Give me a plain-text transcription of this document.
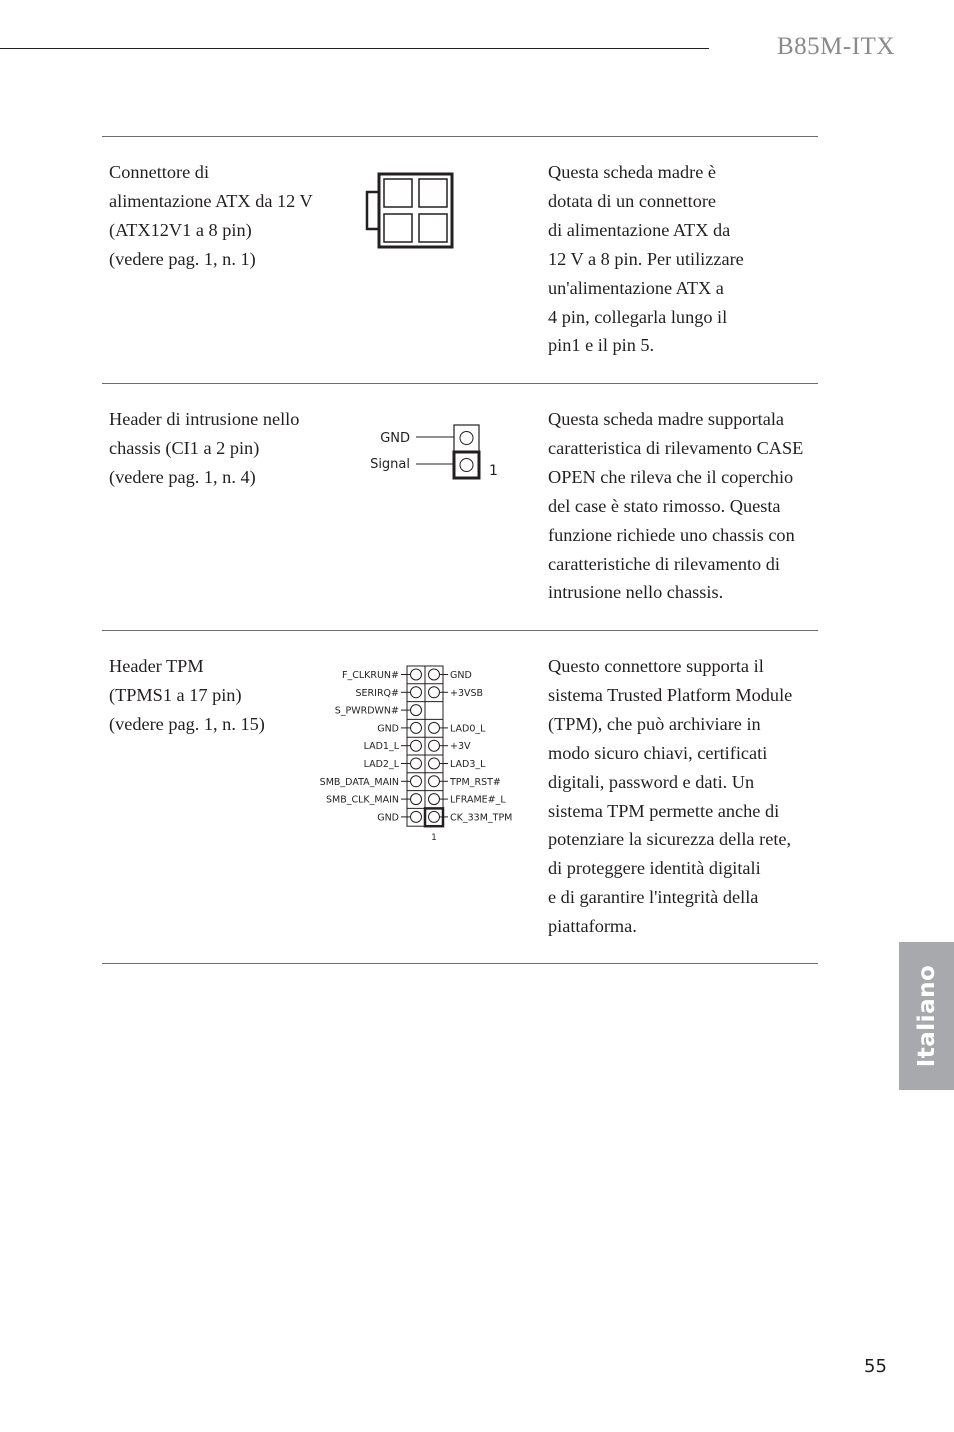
B85M-ITX
Connettore di
alimentazione ATX da 12 V
(ATX12V1 a 8 pin)
(vedere pag. 1, n. 1)
Questa scheda madre è
dotata di un connettore
di alimentazione ATX da
12 V a 8 pin. Per utilizzare
un'alimentazione ATX a
4 pin, collegarla lungo il
pin1 e il pin 5.
Header di intrusione nello
chassis (CI1 a 2 pin)
(vedere pag. 1, n. 4)
GND
Signal	1
Questa scheda madre supportala
caratteristica di rilevamento CASE
OPEN che rileva che il coperchio
del case è stato rimosso. Questa
funzione richiede uno chassis con
caratteristiche di rilevamento di
intrusione nello chassis.
Header TPM
(TPMS1 a 17 pin)
(vedere pag. 1, n. 15)
F_CLKRUN#
SERIRQ#
S_PWRDWN#
GND
LAD1_L
LAD2_L
SMB_DATA_MAIN
SMB_CLK_MAIN
GND
GND
+3VSB
LAD0_L
+3V
LAD3_L
TPM_RST#
LFRAME#_L
CK_33M_TPM
1
Questo connettore supporta il
sistema Trusted Platform Module
(TPM), che può archiviare in
modo sicuro chiavi, certificati
digitali, password e dati. Un
sistema TPM permette anche di
potenziare la sicurezza della rete,
di proteggere identità digitali
e di garantire l'integrità della
piattaforma.
Italiano
55
